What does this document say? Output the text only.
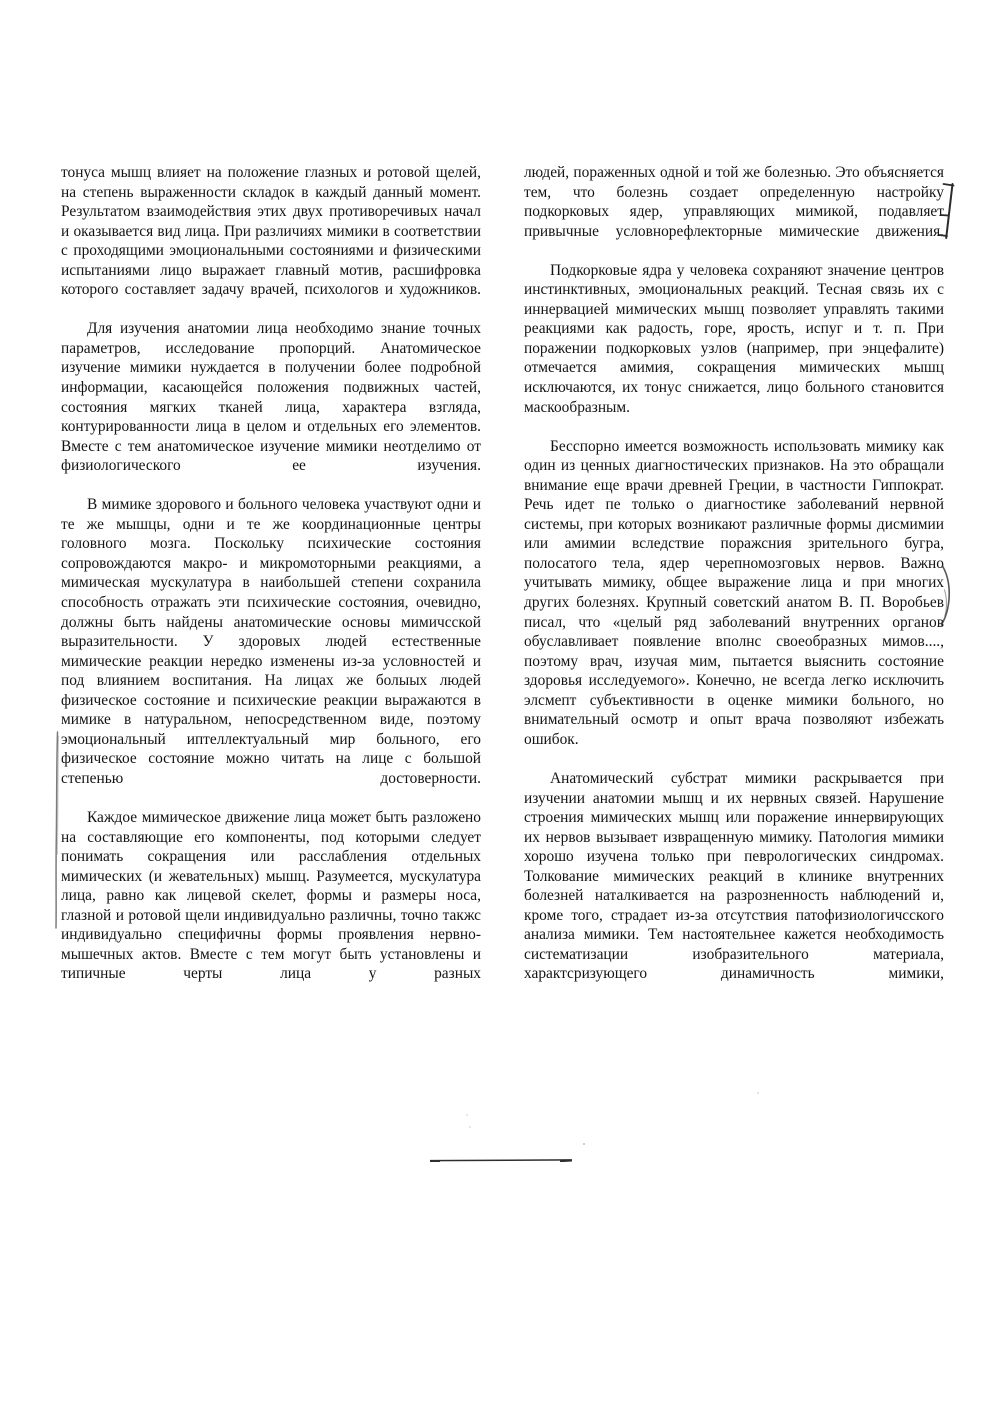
тонуса мышц влияет на положение глазных и ротовой щелей, на степень выраженности складок в каждый данный момент. Результатом взаимодействия этих двух противоречивых начал и оказывается вид лица. При различиях мимики в соответствии с проходящими эмоциональными состояниями и физическими испытаниями лицо выражает главный мотив, расшифровка которого составляет задачу врачей, психологов и художников.

Для изучения анатомии лица необходимо знание точных параметров, исследование пропорций. Анатомическое изучение мимики нуждается в получении более подробной информации, касающейся положения подвижных частей, состояния мягких тканей лица, характера взгляда, контурированности лица в целом и отдельных его элементов. Вместе с тем анатомическое изучение мимики неотделимо от физиологического ее изучения.

В мимике здорового и больного человека участвуют одни и те же мышцы, одни и те же координационные центры головного мозга. Поскольку психические состояния сопровождаются макро- и микромоторными реакциями, а мимическая мускулатура в наибольшей степени сохранила способность отражать эти психические состояния, очевидно, должны быть найдены анатомические основы мимичсской выразительности. У здоровых людей естественные мимические реакции нередко изменены из-за условностей и под влиянием воспитания. На лицах же болыых людей физическое состояние и психические реакции выражаются в мимике в натуральном, непосредственном виде, поэтому эмоциональный иптеллектуальный мир больного, его физическое состояние можно читать на лице с большой степенью достоверности.

Каждое мимическое движение лица может быть разложено на составляющие его компоненты, под которыми следует понимать сокращения или расслабления отдельных мимических (и жевательных) мышц. Разумеется, мускулатура лица, равно как лицевой скелет, формы и размеры носа, глазной и ротовой щели индивидуально различны, точно такжс индивидуально специфичны формы проявления нервно-мышечных актов. Вместе с тем могут быть установлены и типичные черты лица у разных

людей, пораженных одной и той же болезнью. Это объясняется тем, что болезнь создает определенную настройку подкорковых ядер, управляющих мимикой, подавляет привычные условнорефлекторные мимические движения.

Подкорковые ядра у человека сохраняют значение центров инстинктивных, эмоциональных реакций. Тесная связь их с иннервацией мимических мышц позволяет управлять такими реакциями как радость, горе, ярость, испуг и т. п. При поражении подкорковых узлов (например, при энцефалите) отмечается амимия, сокращения мимических мышц исключаются, их тонус снижается, лицо больного становится маскообразным.

Бесспорно имеется возможность использовать мимику как один из ценных диагностических признаков. На это обращали внимание еще врачи древней Греции, в частности Гиппократ. Речь идет пе только о диагностике заболеваний нервной системы, при которых возникают различные формы дисмимии или амимии вследствие поражсния зрительного бугра, полосатого тела, ядер черепномозговых нервов. Важно учитывать мимику, общее выражение лица и при многих других болезнях. Крупный советский анатом В. П. Воробьев писал, что «целый ряд заболеваний внутренних органов обуславливает появление вполнс своеобразных мимов...., поэтому врач, изучая мим, пытается выяснить состояние здоровья исследуемого». Конечно, не всегда легко исключить элсмепт субъективности в оценке мимики больного, но внимательный осмотр и опыт врача позволяют избежать ошибок.

Анатомический субстрат мимики раскрывается при изучении анатомии мышц и их нервных связей. Нарушение строения мимических мышц или поражение иннервирующих их нервов вызывает извращенную мимику. Патология мимики хорошо изучена только при певрологических синдромах. Толкование мимических реакций в клинике внутренних болезней наталкивается на разрозненность наблюдений и, кроме того, страдает из-за отсутствия патофизиологичсского анализа мимики. Тем настоятельнее кажется необходимость систематизации изобразительного материала, характсризующего динамичность мимики,
